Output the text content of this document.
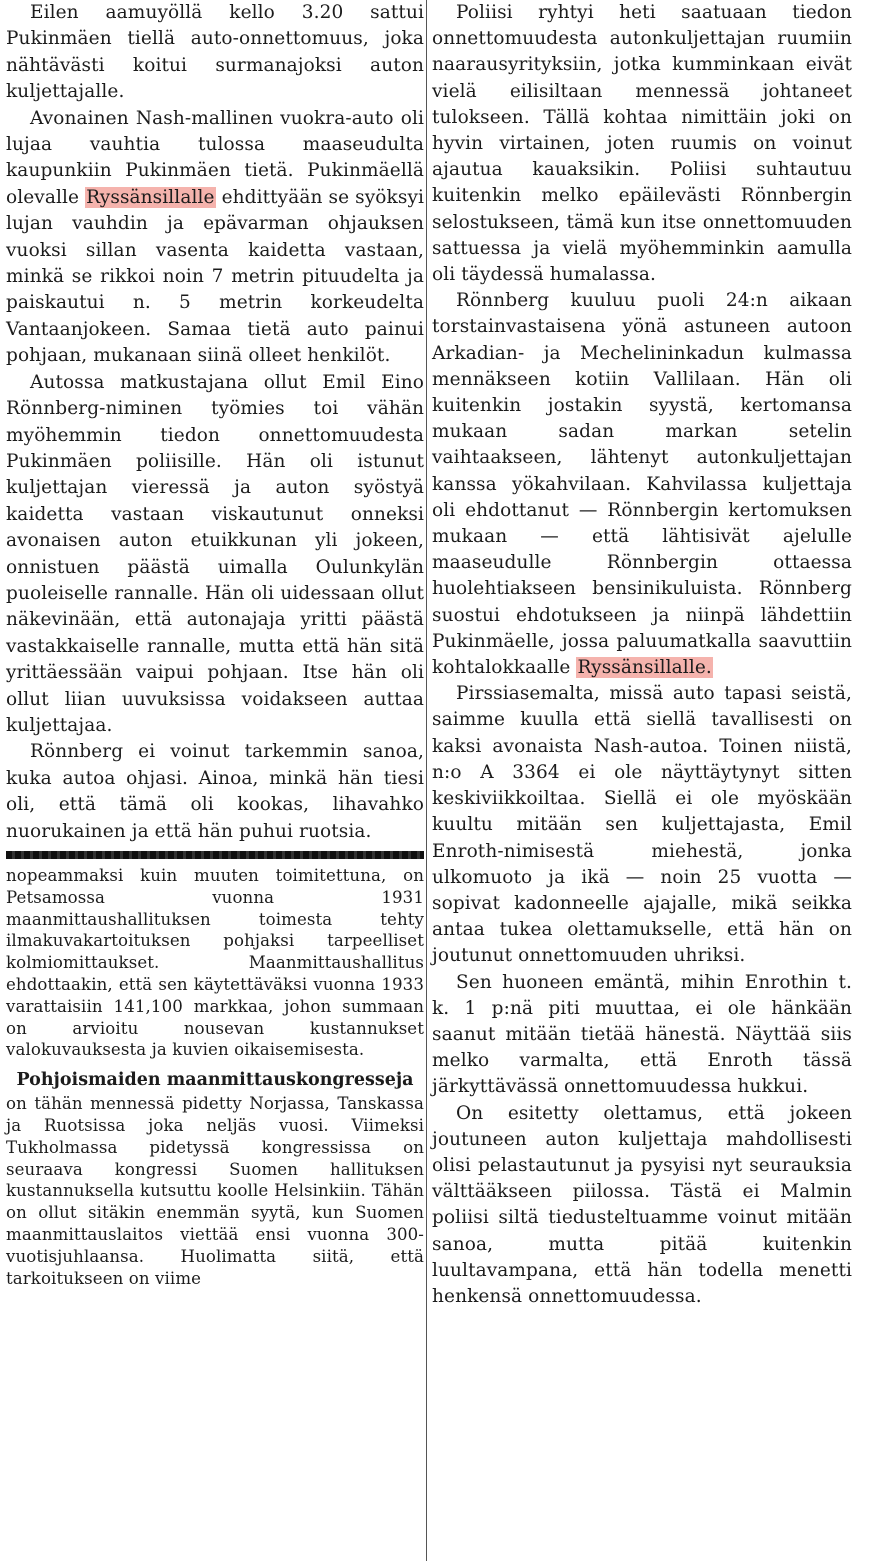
Eilen aamuyöllä kello 3.20 sattui Pukinmäen tiellä auto-onnettomuus, joka nähtävästi koitui surmanajoksi auton kuljettajalle.

Avonainen Nash-mallinen vuokra-auto oli lujaa vauhtia tulossa maaseudulta kaupunkiin Pukinmäen tietä. Pukinmäellä olevalle Ryssänsillalle ehdittyään se syöksyi lujan vauhdin ja epävarman ohjauksen vuoksi sillan vasenta kaidetta vastaan, minkä se rikkoi noin 7 metrin pituudelta ja paiskautui n. 5 metrin korkeudelta Vantaanjokeen. Samaa tietä auto painui pohjaan, mukanaan siinä olleet henkilöt.

Autossa matkustajana ollut Emil Eino Rönnberg-niminen työmies toi vähän myöhemmin tiedon onnettomuudesta Pukinmäen poliisille. Hän oli istunut kuljettajan vieressä ja auton syöstyä kaidetta vastaan viskautunut onneksi avonaisen auton etuikkunan yli jokeen, onnistuen päästä uimalla Oulunkylän puoleiselle rannalle. Hän oli uidessaan ollut näkevinään, että autonajaja yritti päästä vastakkaiselle rannalle, mutta että hän sitä yrittäessään vaipui pohjaan. Itse hän oli ollut liian uuvuksissa voidakseen auttaa kuljettajaa.

Rönnberg ei voinut tarkemmin sanoa, kuka autoa ohjasi. Ainoa, minkä hän tiesi oli, että tämä oli kookas, lihavahko nuorukainen ja että hän puhui ruotsia.

nopeammaksi kuin muuten toimitettuna, on Petsamossa vuonna 1931 maanmittaushallituksen toimesta tehty ilmakuvakartoituksen pohjaksi tarpeelliset kolmiomittaukset. Maanmittaushallitus ehdottaakin, että sen käytettäväksi vuonna 1933 varattaisiin 141,100 markkaa, johon summaan on arvioitu nousevan kustannukset valokuvauksesta ja kuvien oikaisemisesta.

Pohjoismaiden maanmittauskongresseja

on tähän mennessä pidetty Norjassa, Tanskassa ja Ruotsissa joka neljäs vuosi. Viimeksi Tukholmassa pidetyssä kongressissa on seuraava kongressi Suomen hallituksen kustannuksella kutsuttu koolle Helsinkiin. Tähän on ollut sitäkin enemmän syytä, kun Suomen maanmittauslaitos viettää ensi vuonna 300-vuotisjuhlaansa. Huolimatta siitä, että tarkoitukseen on viime

Poliisi ryhtyi heti saatuaan tiedon onnettomuudesta autonkuljettajan ruumiin naarausyrityksiin, jotka kumminkaan eivät vielä eilisiltaan mennessä johtaneet tulokseen. Tällä kohtaa nimittäin joki on hyvin virtainen, joten ruumis on voinut ajautua kauaksikin. Poliisi suhtautuu kuitenkin melko epäilevästi Rönnbergin selostukseen, tämä kun itse onnettomuuden sattuessa ja vielä myöhemminkin aamulla oli täydessä humalassa.

Rönnberg kuuluu puoli 24:n aikaan torstainvastaisena yönä astuneen autoon Arkadian- ja Mechelininkadun kulmassa mennäkseen kotiin Vallilaan. Hän oli kuitenkin jostakin syystä, kertomansa mukaan sadan markan setelin vaihtaakseen, lähtenyt autonkuljettajan kanssa yökahvilaan. Kahvilassa kuljettaja oli ehdottanut — Rönnbergin kertomuksen mukaan — että lähtisivät ajelulle maaseudulle Rönnbergin ottaessa huolehtiakseen bensinikuluista. Rönnberg suostui ehdotukseen ja niinpä lähdettiin Pukinmäelle, jossa paluumatkalla saavuttiin kohtalokkaalle Ryssänsillalle.

Pirssiasemalta, missä auto tapasi seistä, saimme kuulla että siellä tavallisesti on kaksi avonaista Nash-autoa. Toinen niistä, n:o A 3364 ei ole näyttäytynyt sitten keskiviikkoiltaa. Siellä ei ole myöskään kuultu mitään sen kuljettajasta, Emil Enroth-nimisestä miehestä, jonka ulkomuoto ja ikä — noin 25 vuotta — sopivat kadonneelle ajajalle, mikä seikka antaa tukea olettamukselle, että hän on joutunut onnettomuuden uhriksi.

Sen huoneen emäntä, mihin Enrothin t. k. 1 p:nä piti muuttaa, ei ole hänkään saanut mitään tietää hänestä. Näyttää siis melko varmalta, että Enroth tässä järkyttävässä onnettomuudessa hukkui.

On esitetty olettamus, että jokeen joutuneen auton kuljettaja mahdollisesti olisi pelastautunut ja pysyisi nyt seurauksia välttääkseen piilossa. Tästä ei Malmin poliisi siltä tiedusteltuamme voinut mitään sanoa, mutta pitää kuitenkin luultavampana, että hän todella menetti henkensä onnettomuudessa.
